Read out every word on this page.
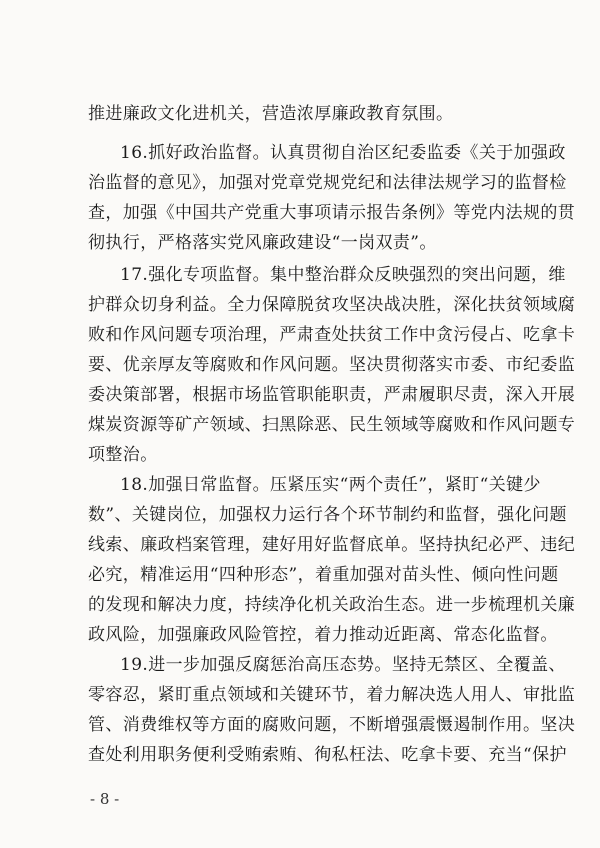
推进廉政文化进机关，营造浓厚廉政教育氛围。
16.抓好政治监督。认真贯彻自治区纪委监委《关于加强政
治监督的意见》，加强对党章党规党纪和法律法规学习的监督检
查，加强《中国共产党重大事项请示报告条例》等党内法规的贯
彻执行，严格落实党风廉政建设“一岗双责”。
17.强化专项监督。集中整治群众反映强烈的突出问题，维
护群众切身利益。全力保障脱贫攻坚决战决胜，深化扶贫领域腐
败和作风问题专项治理，严肃查处扶贫工作中贪污侵占、吃拿卡
要、优亲厚友等腐败和作风问题。坚决贯彻落实市委、市纪委监
委决策部署，根据市场监管职能职责，严肃履职尽责，深入开展
煤炭资源等矿产领域、扫黑除恶、民生领域等腐败和作风问题专
项整治。
18.加强日常监督。压紧压实“两个责任”，紧盯“关键少
数”、关键岗位，加强权力运行各个环节制约和监督，强化问题
线索、廉政档案管理，建好用好监督底单。坚持执纪必严、违纪
必究，精准运用“四种形态”，着重加强对苗头性、倾向性问题
的发现和解决力度，持续净化机关政治生态。进一步梳理机关廉
政风险，加强廉政风险管控，着力推动近距离、常态化监督。
19.进一步加强反腐惩治高压态势。坚持无禁区、全覆盖、
零容忍，紧盯重点领域和关键环节，着力解决选人用人、审批监
管、消费维权等方面的腐败问题，不断增强震慑遏制作用。坚决
查处利用职务便利受贿索贿、徇私枉法、吃拿卡要、充当“保护
- 8 -
